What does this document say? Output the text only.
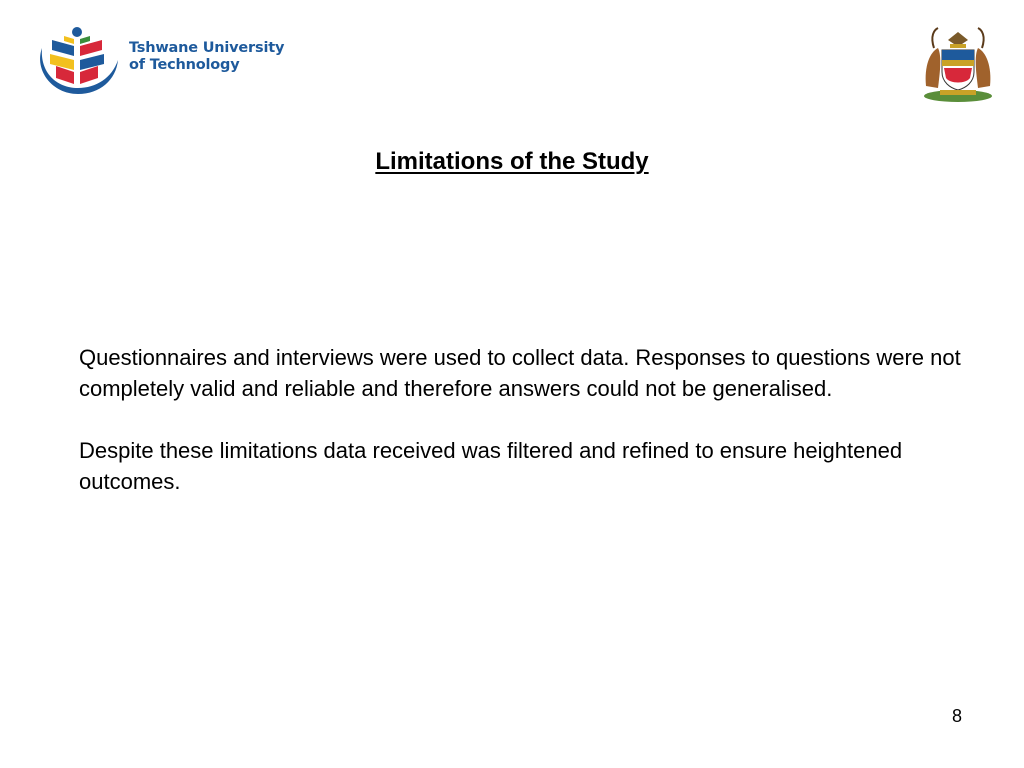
Tshwane University
of Technology
Limitations of the Study

Questionnaires and interviews were used to collect data. Responses to questions were not completely valid and reliable and therefore answers could not be generalised.

Despite these limitations data received was filtered and refined to ensure heightened outcomes.

8
